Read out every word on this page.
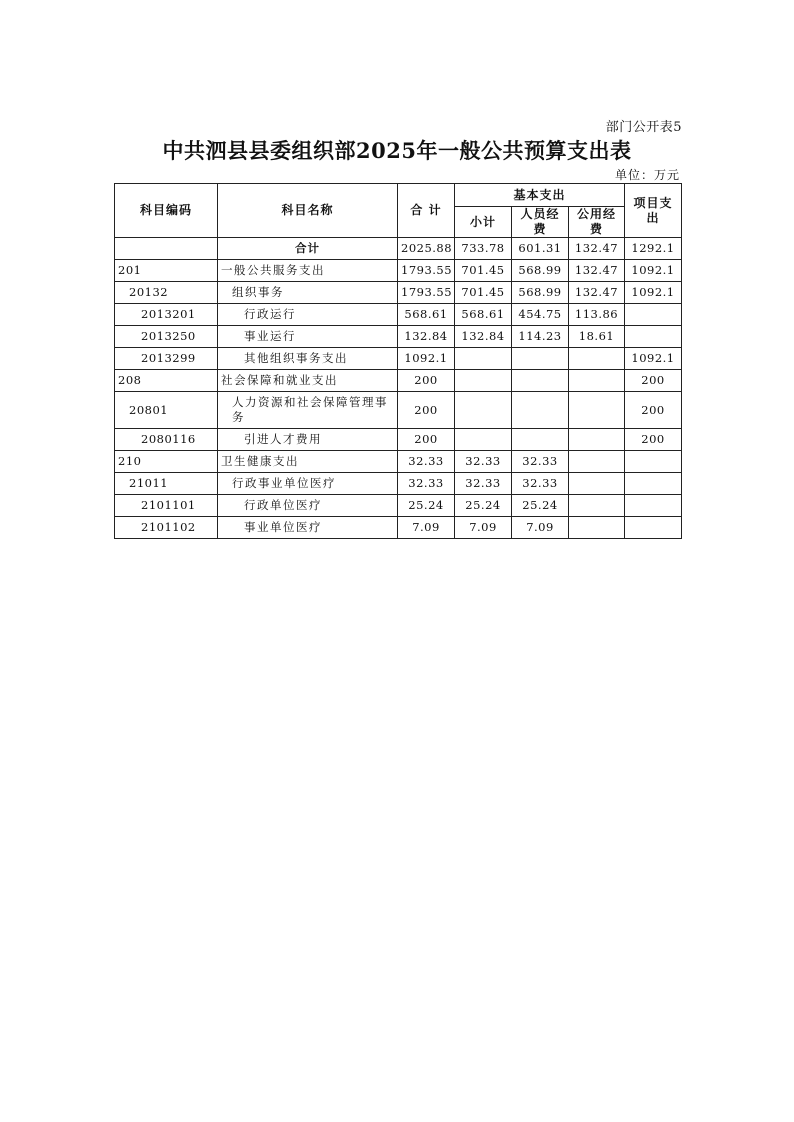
部门公开表5
中共泗县县委组织部2025年一般公共预算支出表
单位：万元
科目编码	科目名称	合 计	基本支出			项目支出
			小计	人员经费	公用经费	
	合计	2025.88	733.78	601.31	132.47	1292.1
201	一般公共服务支出	1793.55	701.45	568.99	132.47	1092.1
20132	组织事务	1793.55	701.45	568.99	132.47	1092.1
2013201	行政运行	568.61	568.61	454.75	113.86	
2013250	事业运行	132.84	132.84	114.23	18.61	
2013299	其他组织事务支出	1092.1				1092.1
208	社会保障和就业支出	200				200
20801	人力资源和社会保障管理事务	200				200
2080116	引进人才费用	200				200
210	卫生健康支出	32.33	32.33	32.33		
21011	行政事业单位医疗	32.33	32.33	32.33		
2101101	行政单位医疗	25.24	25.24	25.24		
2101102	事业单位医疗	7.09	7.09	7.09		
